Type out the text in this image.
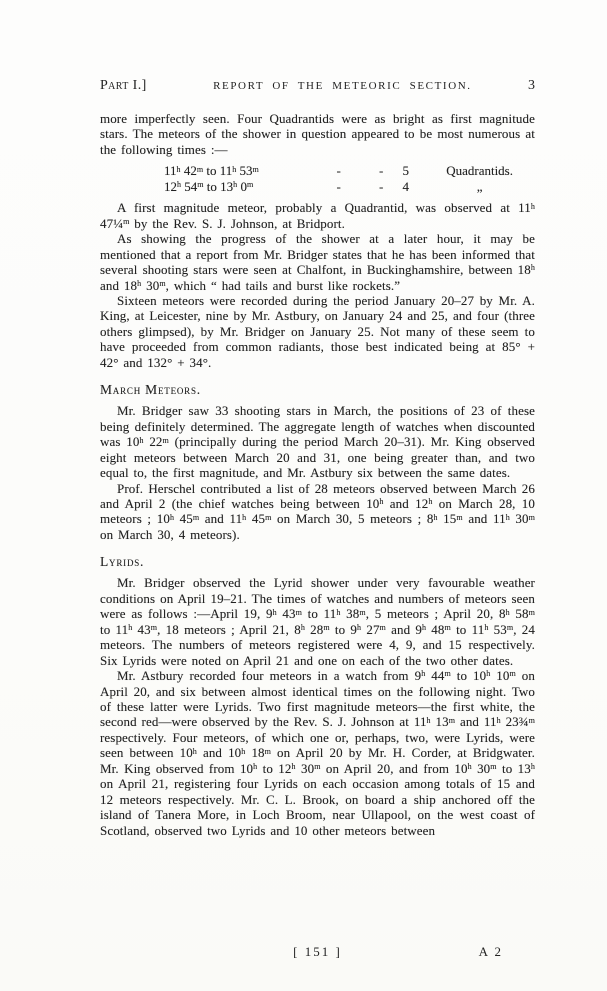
Part I.]	REPORT OF THE METEORIC SECTION.	3

more imperfectly seen. Four Quadrantids were as bright as first magnitude stars. The meteors of the shower in question appeared to be most numerous at the following times :—

11$^h$ 42$^m$ to 11$^h$ 53$^m$	-	-	5	Quadrantids.
12$^h$ 54$^m$ to 13$^h$ 0$^m$	-	-	4	„

A first magnitude meteor, probably a Quadrantid, was observed at 11$^h$ 47¼$^m$ by the Rev. S. J. Johnson, at Bridport.

As showing the progress of the shower at a later hour, it may be mentioned that a report from Mr. Bridger states that he has been informed that several shooting stars were seen at Chalfont, in Buckinghamshire, between 18$^h$ and 18$^h$ 30$^m$, which “ had tails and burst like rockets.”

Sixteen meteors were recorded during the period January 20–27 by Mr. A. King, at Leicester, nine by Mr. Astbury, on January 24 and 25, and four (three others glimpsed), by Mr. Bridger on January 25. Not many of these seem to have proceeded from common radiants, those best indicated being at 85° + 42° and 132° + 34°.

March Meteors.

Mr. Bridger saw 33 shooting stars in March, the positions of 23 of these being definitely determined. The aggregate length of watches when discounted was 10$^h$ 22$^m$ (principally during the period March 20–31). Mr. King observed eight meteors between March 20 and 31, one being greater than, and two equal to, the first magnitude, and Mr. Astbury six between the same dates.

Prof. Herschel contributed a list of 28 meteors observed between March 26 and April 2 (the chief watches being between 10$^h$ and 12$^h$ on March 28, 10 meteors ; 10$^h$ 45$^m$ and 11$^h$ 45$^m$ on March 30, 5 meteors ; 8$^h$ 15$^m$ and 11$^h$ 30$^m$ on March 30, 4 meteors).

Lyrids.

Mr. Bridger observed the Lyrid shower under very favourable weather conditions on April 19–21. The times of watches and numbers of meteors seen were as follows :—April 19, 9$^h$ 43$^m$ to 11$^h$ 38$^m$, 5 meteors ; April 20, 8$^h$ 58$^m$ to 11$^h$ 43$^m$, 18 meteors ; April 21, 8$^h$ 28$^m$ to 9$^h$ 27$^m$ and 9$^h$ 48$^m$ to 11$^h$ 53$^m$, 24 meteors. The numbers of meteors registered were 4, 9, and 15 respectively. Six Lyrids were noted on April 21 and one on each of the two other dates.

Mr. Astbury recorded four meteors in a watch from 9$^h$ 44$^m$ to 10$^h$ 10$^m$ on April 20, and six between almost identical times on the following night. Two of these latter were Lyrids. Two first magnitude meteors—the first white, the second red—were observed by the Rev. S. J. Johnson at 11$^h$ 13$^m$ and 11$^h$ 23¾$^m$ respectively. Four meteors, of which one or, perhaps, two, were Lyrids, were seen between 10$^h$ and 10$^h$ 18$^m$ on April 20 by Mr. H. Corder, at Bridgwater. Mr. King observed from 10$^h$ to 12$^h$ 30$^m$ on April 20, and from 10$^h$ 30$^m$ to 13$^h$ on April 21, registering four Lyrids on each occasion among totals of 15 and 12 meteors respectively. Mr. C. L. Brook, on board a ship anchored off the island of Tanera More, in Loch Broom, near Ullapool, on the west coast of Scotland, observed two Lyrids and 10 other meteors between

[ 151 ]	A 2
